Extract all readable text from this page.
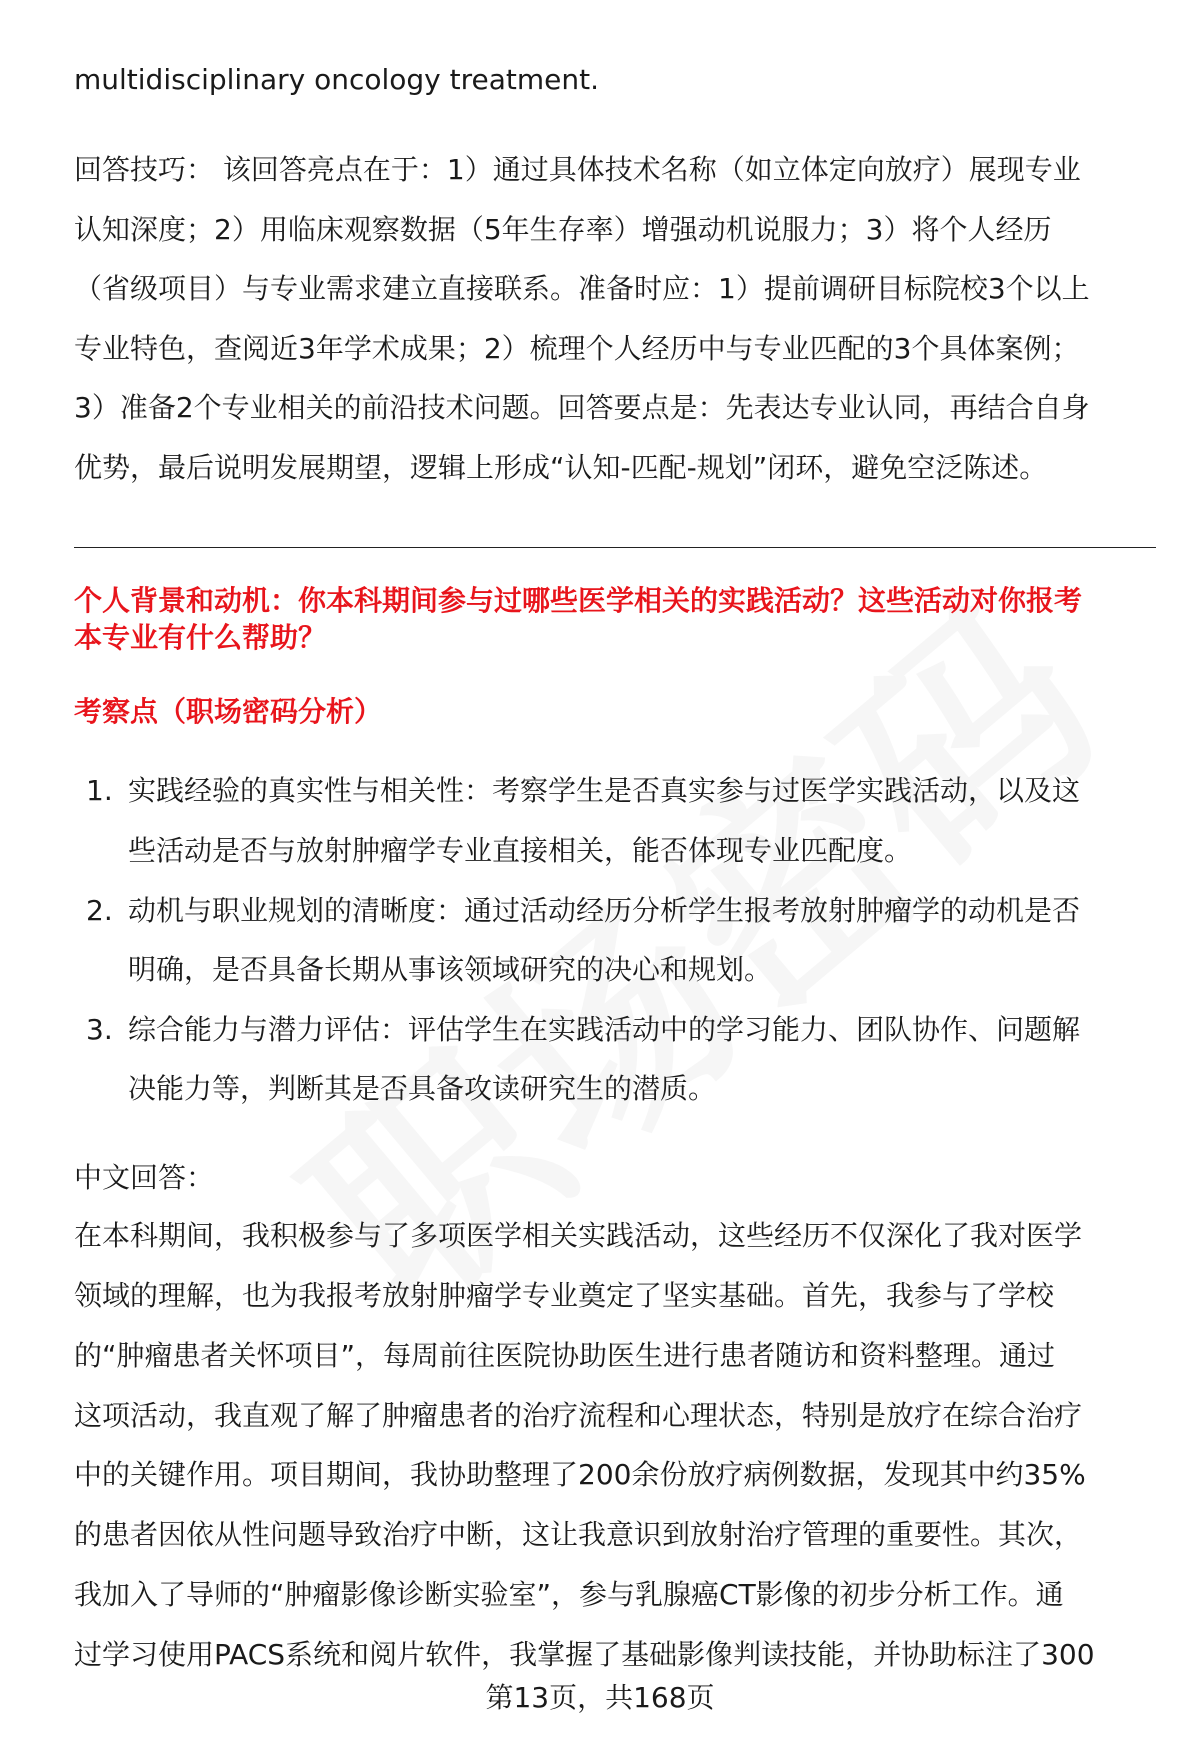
multidisciplinary oncology treatment.
回答技巧： 该回答亮点在于：1）通过具体技术名称（如立体定向放疗）展现专业
认知深度；2）用临床观察数据（5年生存率）增强动机说服力；3）将个人经历
（省级项目）与专业需求建立直接联系。准备时应：1）提前调研目标院校3个以上
专业特色，查阅近3年学术成果；2）梳理个人经历中与专业匹配的3个具体案例；
3）准备2个专业相关的前沿技术问题。回答要点是：先表达专业认同，再结合自身
优势，最后说明发展期望，逻辑上形成“认知-匹配-规划”闭环，避免空泛陈述。
个人背景和动机：你本科期间参与过哪些医学相关的实践活动？这些活动对你报考
本专业有什么帮助？
考察点（职场密码分析）
1. 实践经验的真实性与相关性：考察学生是否真实参与过医学实践活动，以及这
些活动是否与放射肿瘤学专业直接相关，能否体现专业匹配度。
2. 动机与职业规划的清晰度：通过活动经历分析学生报考放射肿瘤学的动机是否
明确，是否具备长期从事该领域研究的决心和规划。
3. 综合能力与潜力评估：评估学生在实践活动中的学习能力、团队协作、问题解
决能力等，判断其是否具备攻读研究生的潜质。
中文回答：
在本科期间，我积极参与了多项医学相关实践活动，这些经历不仅深化了我对医学
领域的理解，也为我报考放射肿瘤学专业奠定了坚实基础。首先，我参与了学校
的“肿瘤患者关怀项目”，每周前往医院协助医生进行患者随访和资料整理。通过
这项活动，我直观了解了肿瘤患者的治疗流程和心理状态，特别是放疗在综合治疗
中的关键作用。项目期间，我协助整理了200余份放疗病例数据，发现其中约35%
的患者因依从性问题导致治疗中断，这让我意识到放射治疗管理的重要性。其次，
我加入了导师的“肿瘤影像诊断实验室”，参与乳腺癌CT影像的初步分析工作。通
过学习使用PACS系统和阅片软件，我掌握了基础影像判读技能，并协助标注了300
第13页，共168页
